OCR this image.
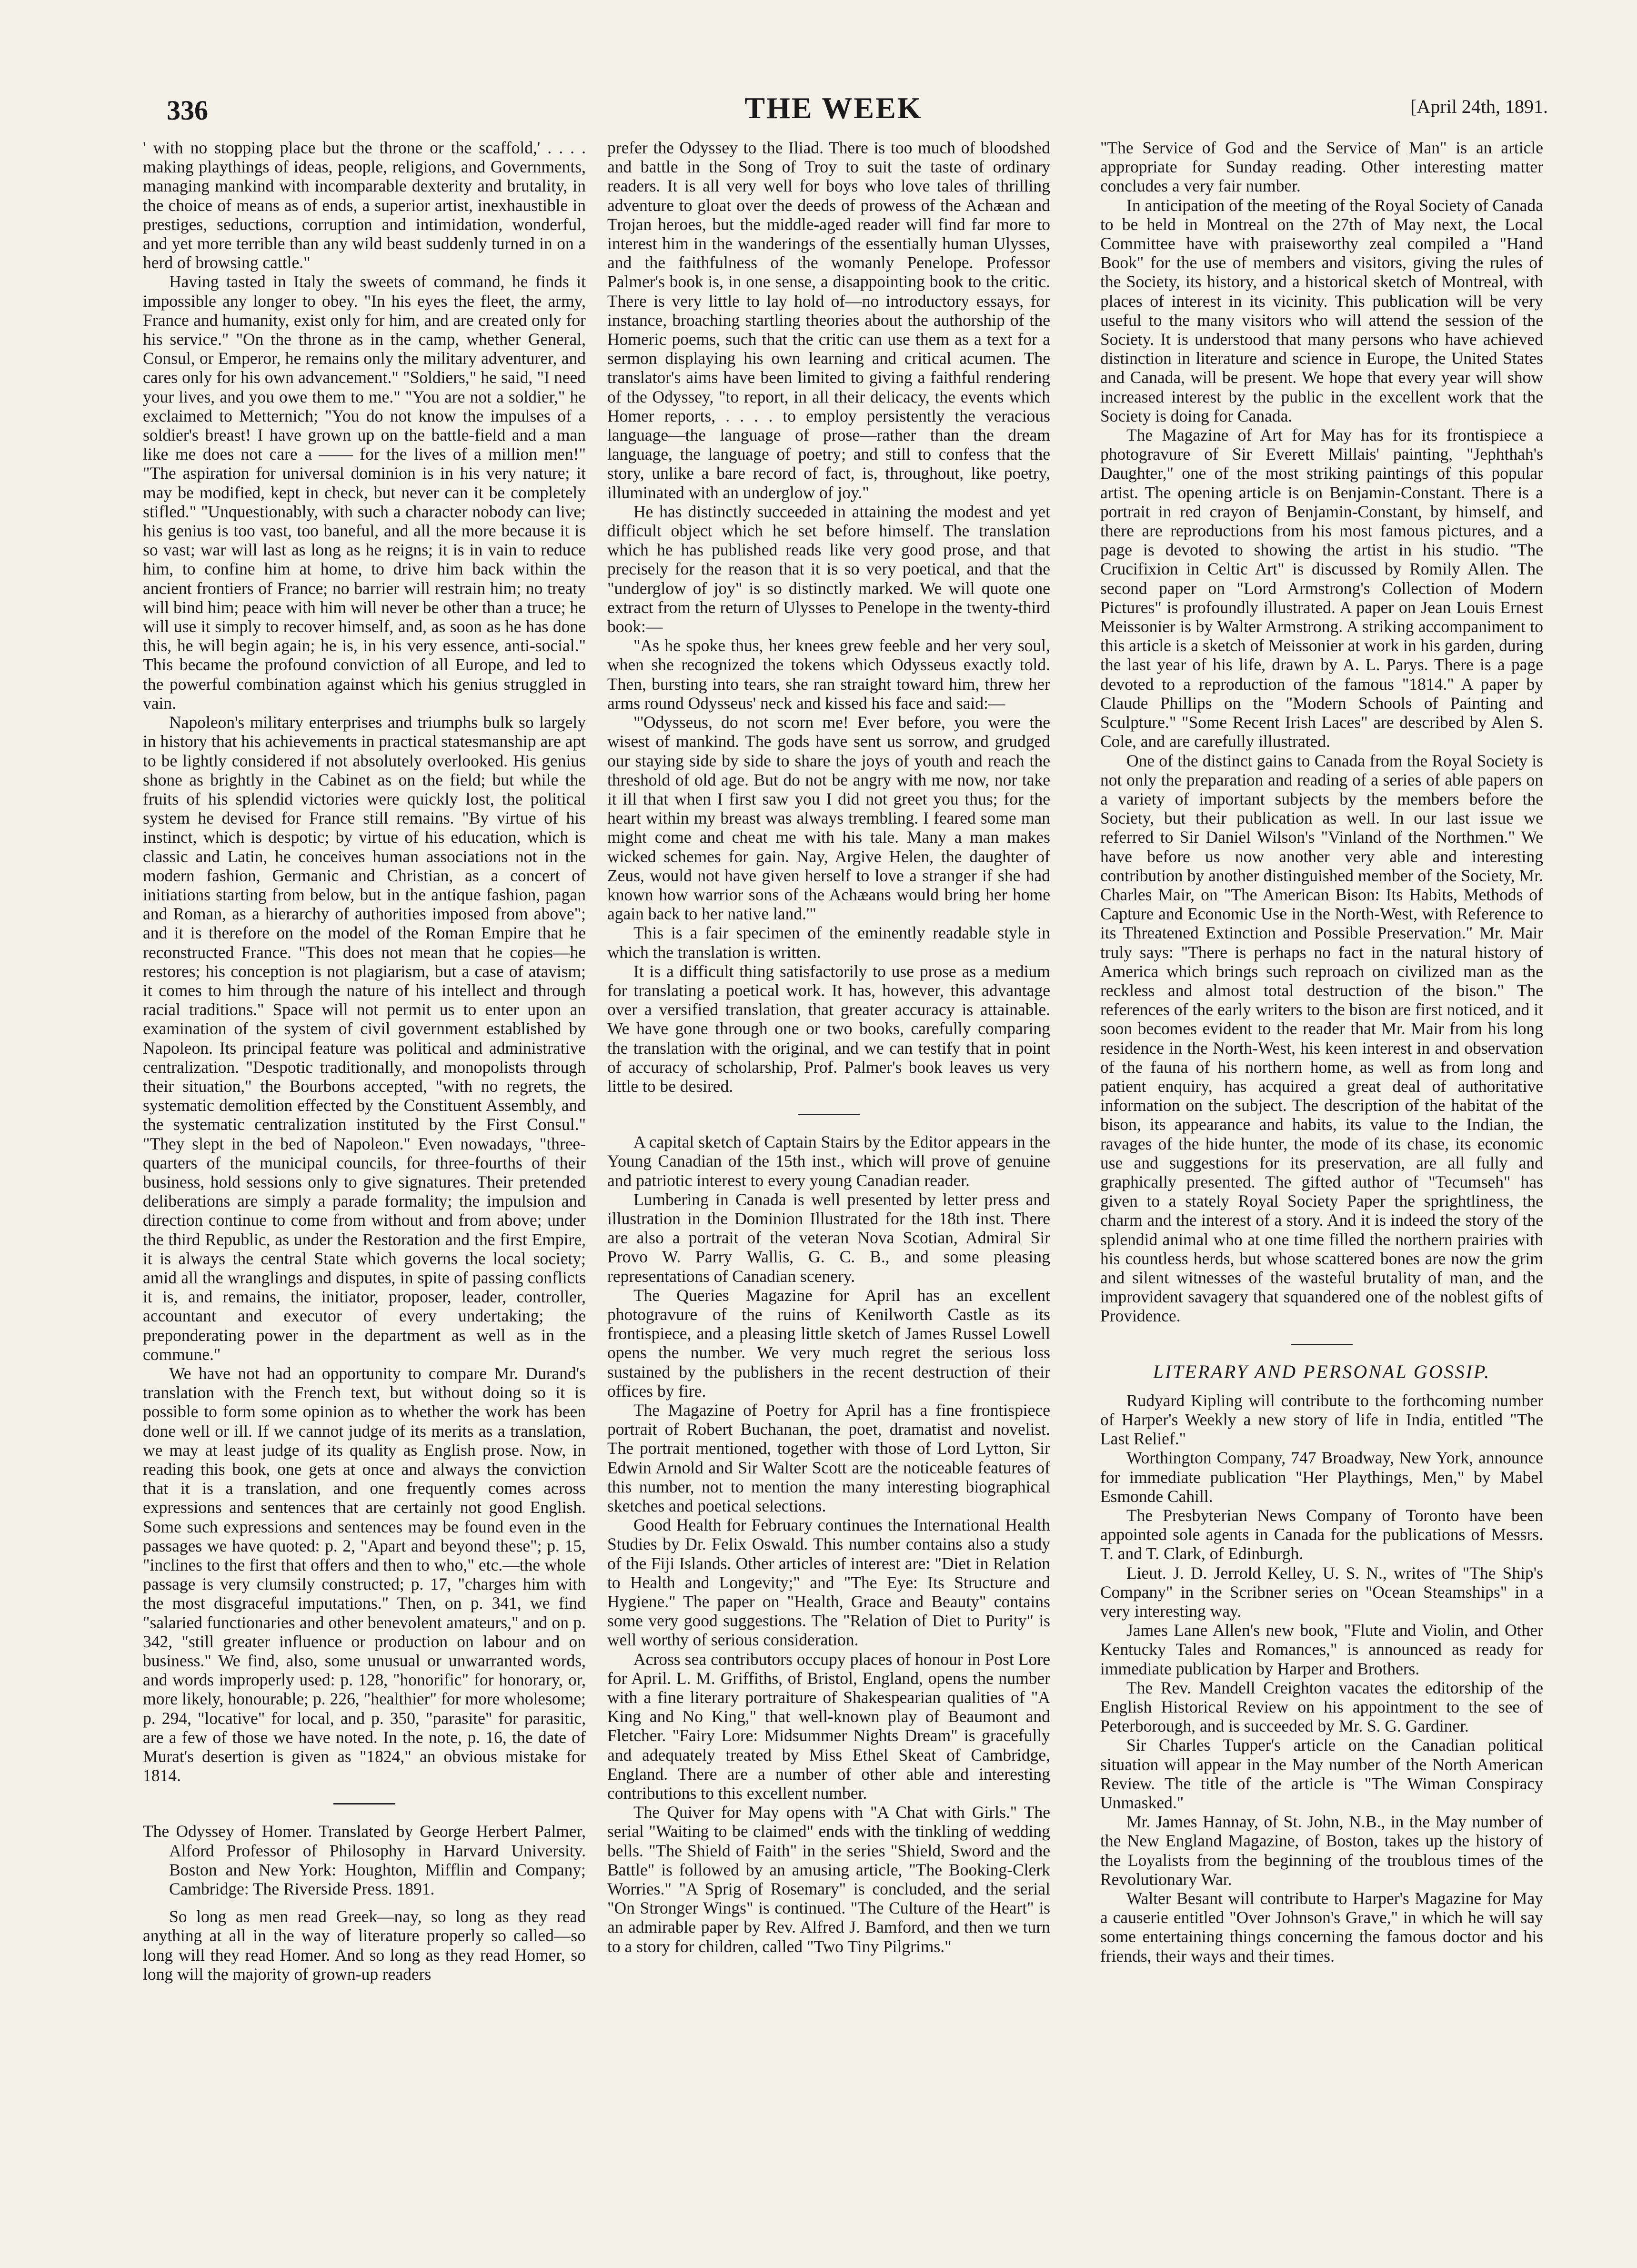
336	THE WEEK	[April 24th, 1891.

' with no stopping place but the throne or the scaffold,' . . . . making playthings of ideas, people, religions, and Governments, managing mankind with incomparable dexterity and brutality, in the choice of means as of ends, a superior artist, inexhaustible in prestiges, seductions, corruption and intimidation, wonderful, and yet more terrible than any wild beast suddenly turned in on a herd of browsing cattle."

Having tasted in Italy the sweets of command, he finds it impossible any longer to obey. "In his eyes the fleet, the army, France and humanity, exist only for him, and are created only for his service." "On the throne as in the camp, whether General, Consul, or Emperor, he remains only the military adventurer, and cares only for his own advancement." "Soldiers," he said, "I need your lives, and you owe them to me." "You are not a soldier," he exclaimed to Metternich; "You do not know the impulses of a soldier's breast! I have grown up on the battle-field and a man like me does not care a —— for the lives of a million men!" "The aspiration for universal dominion is in his very nature; it may be modified, kept in check, but never can it be completely stifled." "Unquestionably, with such a character nobody can live; his genius is too vast, too baneful, and all the more because it is so vast; war will last as long as he reigns; it is in vain to reduce him, to confine him at home, to drive him back within the ancient frontiers of France; no barrier will restrain him; no treaty will bind him; peace with him will never be other than a truce; he will use it simply to recover himself, and, as soon as he has done this, he will begin again; he is, in his very essence, anti-social." This became the profound conviction of all Europe, and led to the powerful combination against which his genius struggled in vain.

Napoleon's military enterprises and triumphs bulk so largely in history that his achievements in practical statesmanship are apt to be lightly considered if not absolutely overlooked. His genius shone as brightly in the Cabinet as on the field; but while the fruits of his splendid victories were quickly lost, the political system he devised for France still remains. "By virtue of his instinct, which is despotic; by virtue of his education, which is classic and Latin, he conceives human associations not in the modern fashion, Germanic and Christian, as a concert of initiations starting from below, but in the antique fashion, pagan and Roman, as a hierarchy of authorities imposed from above"; and it is therefore on the model of the Roman Empire that he reconstructed France. "This does not mean that he copies—he restores; his conception is not plagiarism, but a case of atavism; it comes to him through the nature of his intellect and through racial traditions." Space will not permit us to enter upon an examination of the system of civil government established by Napoleon. Its principal feature was political and administrative centralization. "Despotic traditionally, and monopolists through their situation," the Bourbons accepted, "with no regrets, the systematic demolition effected by the Constituent Assembly, and the systematic centralization instituted by the First Consul." "They slept in the bed of Napoleon." Even nowadays, "three-quarters of the municipal councils, for three-fourths of their business, hold sessions only to give signatures. Their pretended deliberations are simply a parade formality; the impulsion and direction continue to come from without and from above; under the third Republic, as under the Restoration and the first Empire, it is always the central State which governs the local society; amid all the wranglings and disputes, in spite of passing conflicts it is, and remains, the initiator, proposer, leader, controller, accountant and executor of every undertaking; the preponderating power in the department as well as in the commune."

We have not had an opportunity to compare Mr. Durand's translation with the French text, but without doing so it is possible to form some opinion as to whether the work has been done well or ill. If we cannot judge of its merits as a translation, we may at least judge of its quality as English prose. Now, in reading this book, one gets at once and always the conviction that it is a translation, and one frequently comes across expressions and sentences that are certainly not good English. Some such expressions and sentences may be found even in the passages we have quoted: p. 2, "Apart and beyond these"; p. 15, "inclines to the first that offers and then to who," etc.—the whole passage is very clumsily constructed; p. 17, "charges him with the most disgraceful imputations." Then, on p. 341, we find "salaried functionaries and other benevolent amateurs," and on p. 342, "still greater influence or production on labour and on business." We find, also, some unusual or unwarranted words, and words improperly used: p. 128, "honorific" for honorary, or, more likely, honourable; p. 226, "healthier" for more wholesome; p. 294, "locative" for local, and p. 350, "parasite" for parasitic, are a few of those we have noted. In the note, p. 16, the date of Murat's desertion is given as "1824," an obvious mistake for 1814.

The Odyssey of Homer. Translated by George Herbert Palmer, Alford Professor of Philosophy in Harvard University. Boston and New York: Houghton, Mifflin and Company; Cambridge: The Riverside Press. 1891.

So long as men read Greek—nay, so long as they read anything at all in the way of literature properly so called—so long will they read Homer. And so long as they read Homer, so long will the majority of grown-up readers

prefer the Odyssey to the Iliad. There is too much of bloodshed and battle in the Song of Troy to suit the taste of ordinary readers. It is all very well for boys who love tales of thrilling adventure to gloat over the deeds of prowess of the Achæan and Trojan heroes, but the middle-aged reader will find far more to interest him in the wanderings of the essentially human Ulysses, and the faithfulness of the womanly Penelope. Professor Palmer's book is, in one sense, a disappointing book to the critic. There is very little to lay hold of—no introductory essays, for instance, broaching startling theories about the authorship of the Homeric poems, such that the critic can use them as a text for a sermon displaying his own learning and critical acumen. The translator's aims have been limited to giving a faithful rendering of the Odyssey, "to report, in all their delicacy, the events which Homer reports, . . . . to employ persistently the veracious language—the language of prose—rather than the dream language, the language of poetry; and still to confess that the story, unlike a bare record of fact, is, throughout, like poetry, illuminated with an underglow of joy."

He has distinctly succeeded in attaining the modest and yet difficult object which he set before himself. The translation which he has published reads like very good prose, and that precisely for the reason that it is so very poetical, and that the "underglow of joy" is so distinctly marked. We will quote one extract from the return of Ulysses to Penelope in the twenty-third book:—

"As he spoke thus, her knees grew feeble and her very soul, when she recognized the tokens which Odysseus exactly told. Then, bursting into tears, she ran straight toward him, threw her arms round Odysseus' neck and kissed his face and said:—

"'Odysseus, do not scorn me! Ever before, you were the wisest of mankind. The gods have sent us sorrow, and grudged our staying side by side to share the joys of youth and reach the threshold of old age. But do not be angry with me now, nor take it ill that when I first saw you I did not greet you thus; for the heart within my breast was always trembling. I feared some man might come and cheat me with his tale. Many a man makes wicked schemes for gain. Nay, Argive Helen, the daughter of Zeus, would not have given herself to love a stranger if she had known how warrior sons of the Achæans would bring her home again back to her native land.'"

This is a fair specimen of the eminently readable style in which the translation is written.

It is a difficult thing satisfactorily to use prose as a medium for translating a poetical work. It has, however, this advantage over a versified translation, that greater accuracy is attainable. We have gone through one or two books, carefully comparing the translation with the original, and we can testify that in point of accuracy of scholarship, Prof. Palmer's book leaves us very little to be desired.

A capital sketch of Captain Stairs by the Editor appears in the Young Canadian of the 15th inst., which will prove of genuine and patriotic interest to every young Canadian reader.

Lumbering in Canada is well presented by letter press and illustration in the Dominion Illustrated for the 18th inst. There are also a portrait of the veteran Nova Scotian, Admiral Sir Provo W. Parry Wallis, G. C. B., and some pleasing representations of Canadian scenery.

The Queries Magazine for April has an excellent photogravure of the ruins of Kenilworth Castle as its frontispiece, and a pleasing little sketch of James Russel Lowell opens the number. We very much regret the serious loss sustained by the publishers in the recent destruction of their offices by fire.

The Magazine of Poetry for April has a fine frontispiece portrait of Robert Buchanan, the poet, dramatist and novelist. The portrait mentioned, together with those of Lord Lytton, Sir Edwin Arnold and Sir Walter Scott are the noticeable features of this number, not to mention the many interesting biographical sketches and poetical selections.

Good Health for February continues the International Health Studies by Dr. Felix Oswald. This number contains also a study of the Fiji Islands. Other articles of interest are: "Diet in Relation to Health and Longevity;" and "The Eye: Its Structure and Hygiene." The paper on "Health, Grace and Beauty" contains some very good suggestions. The "Relation of Diet to Purity" is well worthy of serious consideration.

Across sea contributors occupy places of honour in Post Lore for April. L. M. Griffiths, of Bristol, England, opens the number with a fine literary portraiture of Shakespearian qualities of "A King and No King," that well-known play of Beaumont and Fletcher. "Fairy Lore: Midsummer Nights Dream" is gracefully and adequately treated by Miss Ethel Skeat of Cambridge, England. There are a number of other able and interesting contributions to this excellent number.

The Quiver for May opens with "A Chat with Girls." The serial "Waiting to be claimed" ends with the tinkling of wedding bells. "The Shield of Faith" in the series "Shield, Sword and the Battle" is followed by an amusing article, "The Booking-Clerk Worries." "A Sprig of Rosemary" is concluded, and the serial "On Stronger Wings" is continued. "The Culture of the Heart" is an admirable paper by Rev. Alfred J. Bamford, and then we turn to a story for children, called "Two Tiny Pilgrims."

"The Service of God and the Service of Man" is an article appropriate for Sunday reading. Other interesting matter concludes a very fair number.

In anticipation of the meeting of the Royal Society of Canada to be held in Montreal on the 27th of May next, the Local Committee have with praiseworthy zeal compiled a "Hand Book" for the use of members and visitors, giving the rules of the Society, its history, and a historical sketch of Montreal, with places of interest in its vicinity. This publication will be very useful to the many visitors who will attend the session of the Society. It is understood that many persons who have achieved distinction in literature and science in Europe, the United States and Canada, will be present. We hope that every year will show increased interest by the public in the excellent work that the Society is doing for Canada.

The Magazine of Art for May has for its frontispiece a photogravure of Sir Everett Millais' painting, "Jephthah's Daughter," one of the most striking paintings of this popular artist. The opening article is on Benjamin-Constant. There is a portrait in red crayon of Benjamin-Constant, by himself, and there are reproductions from his most famous pictures, and a page is devoted to showing the artist in his studio. "The Crucifixion in Celtic Art" is discussed by Romily Allen. The second paper on "Lord Armstrong's Collection of Modern Pictures" is profoundly illustrated. A paper on Jean Louis Ernest Meissonier is by Walter Armstrong. A striking accompaniment to this article is a sketch of Meissonier at work in his garden, during the last year of his life, drawn by A. L. Parys. There is a page devoted to a reproduction of the famous "1814." A paper by Claude Phillips on the "Modern Schools of Painting and Sculpture." "Some Recent Irish Laces" are described by Alen S. Cole, and are carefully illustrated.

One of the distinct gains to Canada from the Royal Society is not only the preparation and reading of a series of able papers on a variety of important subjects by the members before the Society, but their publication as well. In our last issue we referred to Sir Daniel Wilson's "Vinland of the Northmen." We have before us now another very able and interesting contribution by another distinguished member of the Society, Mr. Charles Mair, on "The American Bison: Its Habits, Methods of Capture and Economic Use in the North-West, with Reference to its Threatened Extinction and Possible Preservation." Mr. Mair truly says: "There is perhaps no fact in the natural history of America which brings such reproach on civilized man as the reckless and almost total destruction of the bison." The references of the early writers to the bison are first noticed, and it soon becomes evident to the reader that Mr. Mair from his long residence in the North-West, his keen interest in and observation of the fauna of his northern home, as well as from long and patient enquiry, has acquired a great deal of authoritative information on the subject. The description of the habitat of the bison, its appearance and habits, its value to the Indian, the ravages of the hide hunter, the mode of its chase, its economic use and suggestions for its preservation, are all fully and graphically presented. The gifted author of "Tecumseh" has given to a stately Royal Society Paper the sprightliness, the charm and the interest of a story. And it is indeed the story of the splendid animal who at one time filled the northern prairies with his countless herds, but whose scattered bones are now the grim and silent witnesses of the wasteful brutality of man, and the improvident savagery that squandered one of the noblest gifts of Providence.

LITERARY AND PERSONAL GOSSIP.

Rudyard Kipling will contribute to the forthcoming number of Harper's Weekly a new story of life in India, entitled "The Last Relief."

Worthington Company, 747 Broadway, New York, announce for immediate publication "Her Playthings, Men," by Mabel Esmonde Cahill.

The Presbyterian News Company of Toronto have been appointed sole agents in Canada for the publications of Messrs. T. and T. Clark, of Edinburgh.

Lieut. J. D. Jerrold Kelley, U. S. N., writes of "The Ship's Company" in the Scribner series on "Ocean Steamships" in a very interesting way.

James Lane Allen's new book, "Flute and Violin, and Other Kentucky Tales and Romances," is announced as ready for immediate publication by Harper and Brothers.

The Rev. Mandell Creighton vacates the editorship of the English Historical Review on his appointment to the see of Peterborough, and is succeeded by Mr. S. G. Gardiner.

Sir Charles Tupper's article on the Canadian political situation will appear in the May number of the North American Review. The title of the article is "The Wiman Conspiracy Unmasked."

Mr. James Hannay, of St. John, N.B., in the May number of the New England Magazine, of Boston, takes up the history of the Loyalists from the beginning of the troublous times of the Revolutionary War.

Walter Besant will contribute to Harper's Magazine for May a causerie entitled "Over Johnson's Grave," in which he will say some entertaining things concerning the famous doctor and his friends, their ways and their times.
